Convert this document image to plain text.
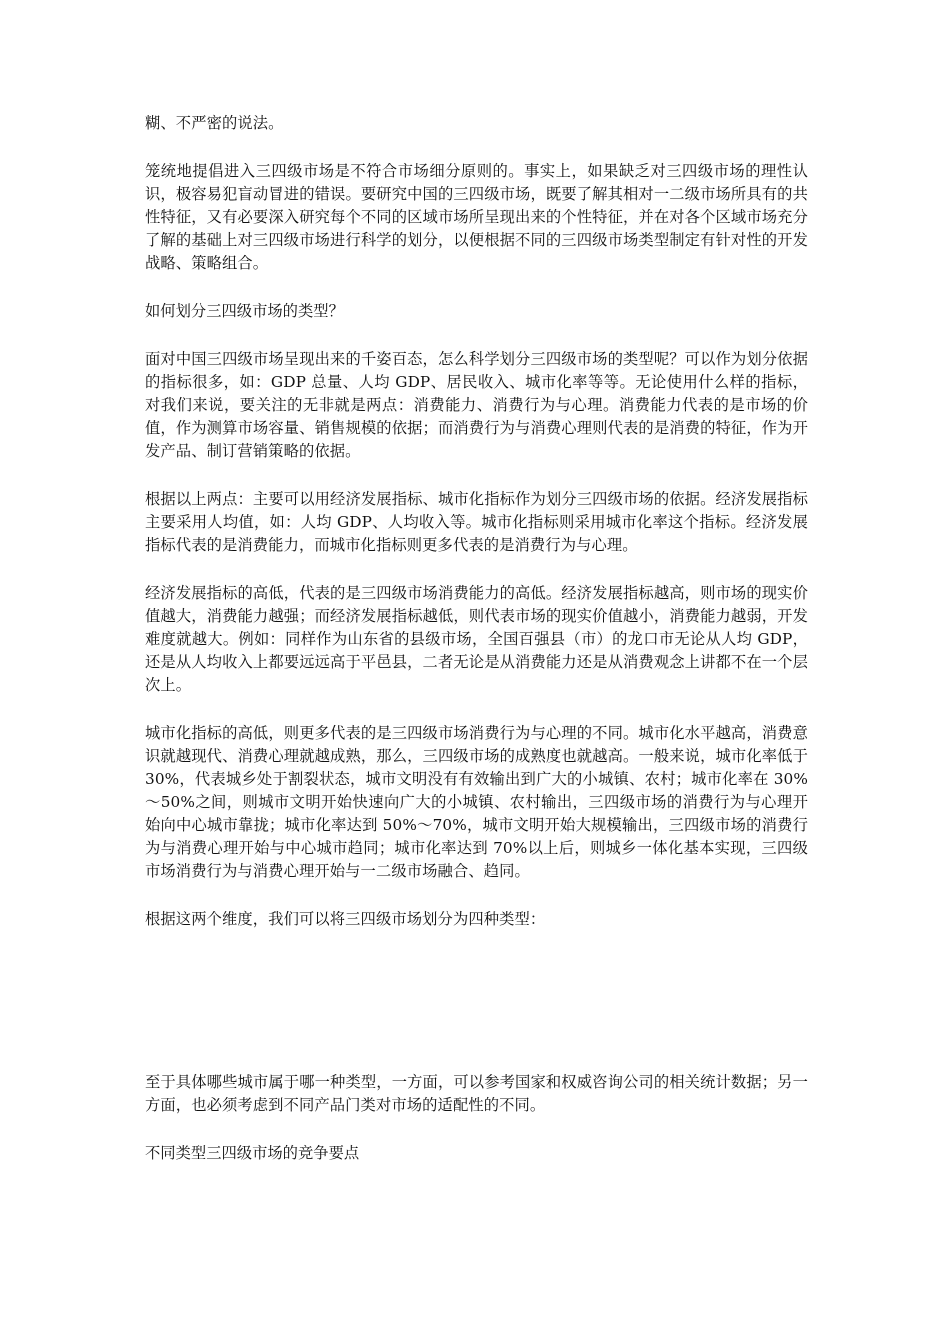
糊、不严密的说法。

笼统地提倡进入三四级市场是不符合市场细分原则的。事实上，如果缺乏对三四级市场的理性认识，极容易犯盲动冒进的错误。要研究中国的三四级市场，既要了解其相对一二级市场所具有的共性特征，又有必要深入研究每个不同的区域市场所呈现出来的个性特征，并在对各个区域市场充分了解的基础上对三四级市场进行科学的划分，以便根据不同的三四级市场类型制定有针对性的开发战略、策略组合。

如何划分三四级市场的类型？

面对中国三四级市场呈现出来的千姿百态，怎么科学划分三四级市场的类型呢？可以作为划分依据的指标很多，如：GDP 总量、人均 GDP、居民收入、城市化率等等。无论使用什么样的指标，对我们来说，要关注的无非就是两点：消费能力、消费行为与心理。消费能力代表的是市场的价值，作为测算市场容量、销售规模的依据；而消费行为与消费心理则代表的是消费的特征，作为开发产品、制订营销策略的依据。

根据以上两点：主要可以用经济发展指标、城市化指标作为划分三四级市场的依据。经济发展指标主要采用人均值，如：人均 GDP、人均收入等。城市化指标则采用城市化率这个指标。经济发展指标代表的是消费能力，而城市化指标则更多代表的是消费行为与心理。

经济发展指标的高低，代表的是三四级市场消费能力的高低。经济发展指标越高，则市场的现实价值越大，消费能力越强；而经济发展指标越低，则代表市场的现实价值越小，消费能力越弱，开发难度就越大。例如：同样作为山东省的县级市场，全国百强县（市）的龙口市无论从人均 GDP，还是从人均收入上都要远远高于平邑县，二者无论是从消费能力还是从消费观念上讲都不在一个层次上。

城市化指标的高低，则更多代表的是三四级市场消费行为与心理的不同。城市化水平越高，消费意识就越现代、消费心理就越成熟，那么，三四级市场的成熟度也就越高。一般来说，城市化率低于 30%，代表城乡处于割裂状态，城市文明没有有效输出到广大的小城镇、农村；城市化率在 30%～50%之间，则城市文明开始快速向广大的小城镇、农村输出，三四级市场的消费行为与心理开始向中心城市靠拢；城市化率达到 50%～70%，城市文明开始大规模输出，三四级市场的消费行为与消费心理开始与中心城市趋同；城市化率达到 70%以上后，则城乡一体化基本实现，三四级市场消费行为与消费心理开始与一二级市场融合、趋同。

根据这两个维度，我们可以将三四级市场划分为四种类型：

至于具体哪些城市属于哪一种类型，一方面，可以参考国家和权威咨询公司的相关统计数据；另一方面，也必须考虑到不同产品门类对市场的适配性的不同。

不同类型三四级市场的竞争要点
